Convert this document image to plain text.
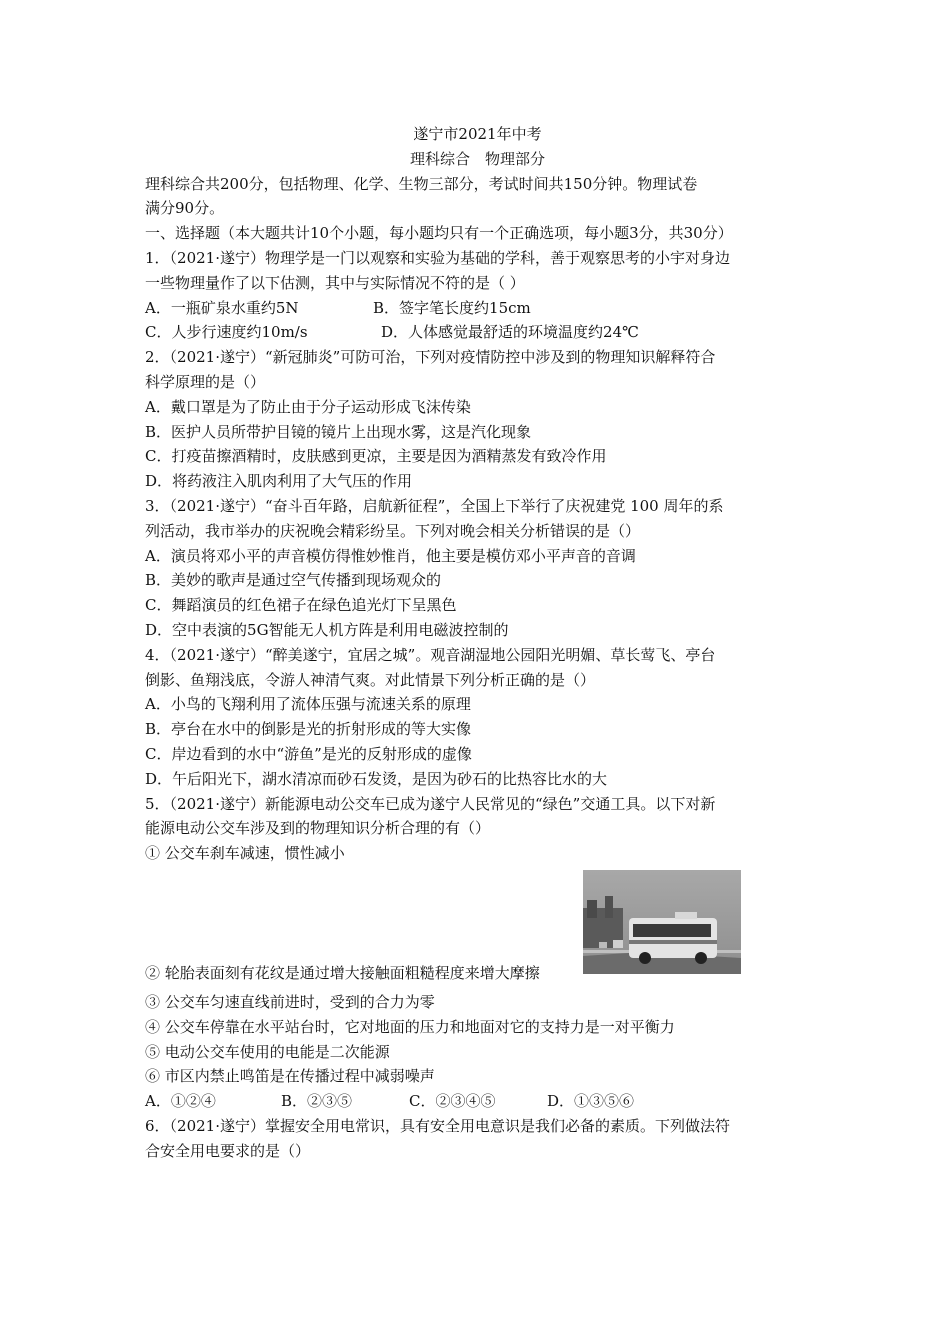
遂宁市2021年中考
理科综合　物理部分
理科综合共200分，包括物理、化学、生物三部分，考试时间共150分钟。物理试卷
满分90分。
一、选择题（本大题共计10个小题，每小题均只有一个正确选项，每小题3分，共30分）
1．（2021·遂宁）物理学是一门以观察和实验为基础的学科，善于观察思考的小宇对身边
一些物理量作了以下估测，其中与实际情况不符的是（ ）
A．一瓶矿泉水重约5N	B．签字笔长度约15cm
C．人步行速度约10m/s	D．人体感觉最舒适的环境温度约24℃
2．（2021·遂宁）“新冠肺炎”可防可治，下列对疫情防控中涉及到的物理知识解释符合
科学原理的是（）
A．戴口罩是为了防止由于分子运动形成飞沫传染
B．医护人员所带护目镜的镜片上出现水雾，这是汽化现象
C．打疫苗擦酒精时，皮肤感到更凉，主要是因为酒精蒸发有致冷作用
D．将药液注入肌肉利用了大气压的作用
3．（2021·遂宁）“奋斗百年路，启航新征程”，全国上下举行了庆祝建党 100 周年的系
列活动，我市举办的庆祝晚会精彩纷呈。下列对晚会相关分析错误的是（）
A．演员将邓小平的声音模仿得惟妙惟肖，他主要是模仿邓小平声音的音调
B．美妙的歌声是通过空气传播到现场观众的
C．舞蹈演员的红色裙子在绿色追光灯下呈黑色
D．空中表演的5G智能无人机方阵是利用电磁波控制的
4．（2021·遂宁）“醉美遂宁，宜居之城”。观音湖湿地公园阳光明媚、草长莺飞、亭台
倒影、鱼翔浅底，令游人神清气爽。对此情景下列分析正确的是（）
A．小鸟的飞翔利用了流体压强与流速关系的原理
B．亭台在水中的倒影是光的折射形成的等大实像
C．岸边看到的水中“游鱼”是光的反射形成的虚像
D．午后阳光下，湖水清凉而砂石发烫，是因为砂石的比热容比水的大
5．（2021·遂宁）新能源电动公交车已成为遂宁人民常见的“绿色”交通工具。以下对新
能源电动公交车涉及到的物理知识分析合理的有（）
① 公交车刹车减速，惯性减小
② 轮胎表面刻有花纹是通过增大接触面粗糙程度来增大摩擦
③ 公交车匀速直线前进时，受到的合力为零
④ 公交车停靠在水平站台时，它对地面的压力和地面对它的支持力是一对平衡力
⑤ 电动公交车使用的电能是二次能源
⑥ 市区内禁止鸣笛是在传播过程中减弱噪声
A．①②④	B．②③⑤	C．②③④⑤	D．①③⑤⑥
6．（2021·遂宁）掌握安全用电常识，具有安全用电意识是我们必备的素质。下列做法符
合安全用电要求的是（）
